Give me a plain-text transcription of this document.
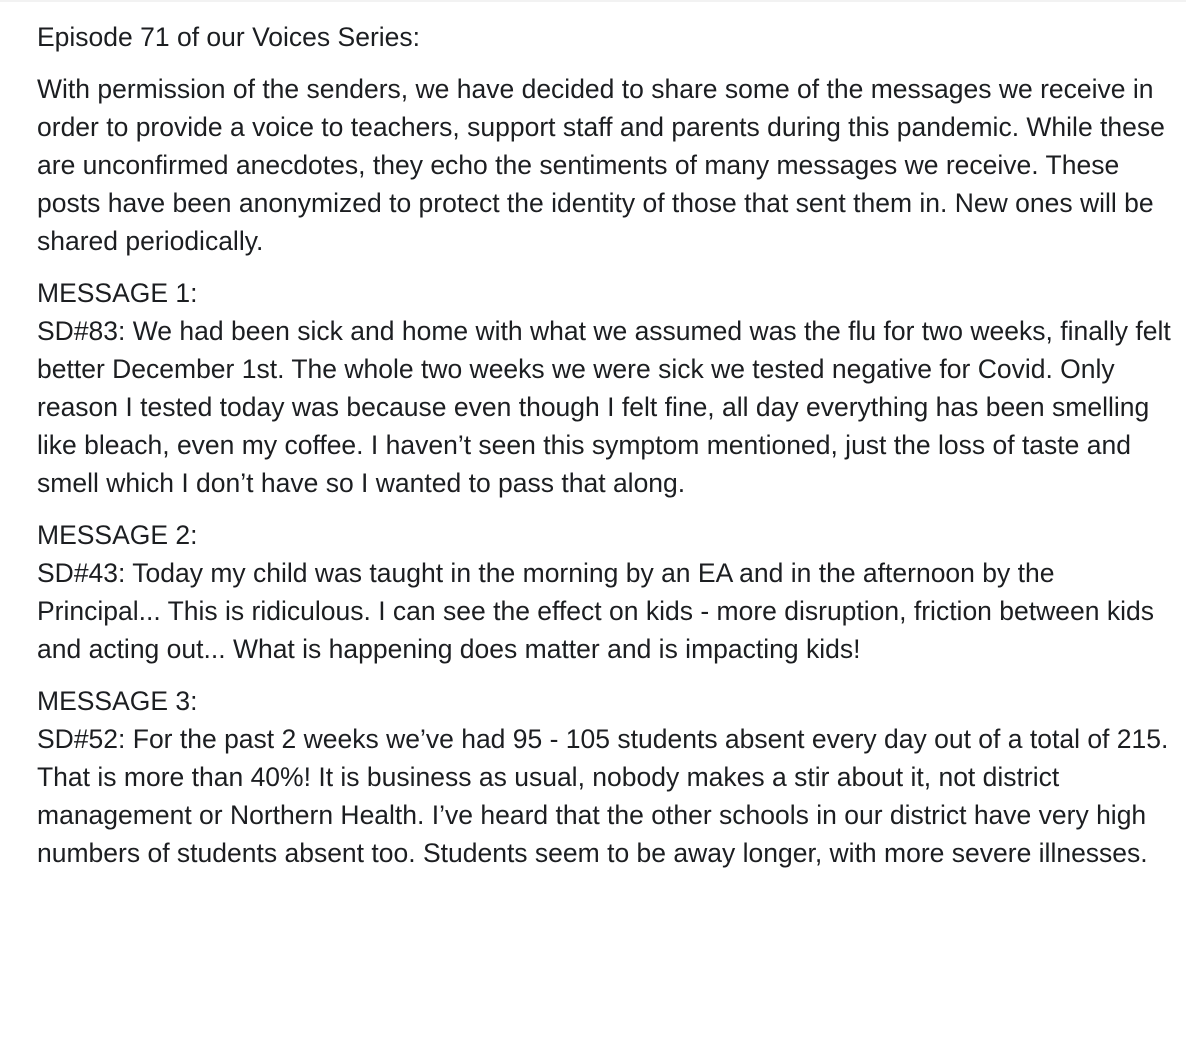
Episode 71 of our Voices Series:

With permission of the senders, we have decided to share some of the messages we receive in order to provide a voice to teachers, support staff and parents during this pandemic. While these are unconfirmed anecdotes, they echo the sentiments of many messages we receive. These posts have been anonymized to protect the identity of those that sent them in. New ones will be shared periodically.

MESSAGE 1:
SD#83: We had been sick and home with what we assumed was the flu for two weeks, finally felt better December 1st. The whole two weeks we were sick we tested negative for Covid. Only reason I tested today was because even though I felt fine, all day everything has been smelling like bleach, even my coffee. I haven’t seen this symptom mentioned, just the loss of taste and smell which I don’t have so I wanted to pass that along.
MESSAGE 2:
SD#43: Today my child was taught in the morning by an EA and in the afternoon by the Principal... This is ridiculous. I can see the effect on kids - more disruption, friction between kids and acting out... What is happening does matter and is impacting kids!
MESSAGE 3:
SD#52: For the past 2 weeks we’ve had 95 - 105 students absent every day out of a total of 215. That is more than 40%! It is business as usual, nobody makes a stir about it, not district management or Northern Health. I’ve heard that the other schools in our district have very high numbers of students absent too. Students seem to be away longer, with more severe illnesses.
